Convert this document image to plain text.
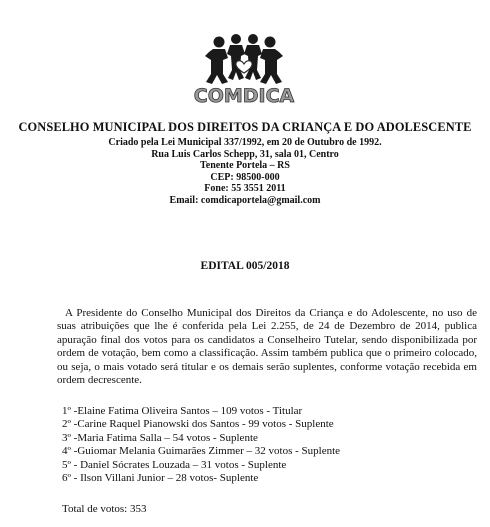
COMDICA
CONSELHO MUNICIPAL DOS DIREITOS DA CRIANÇA E DO ADOLESCENTE
Criado pela Lei Municipal 337/1992, em 20 de Outubro de 1992.
Rua Luis Carlos Schepp, 31, sala 01, Centro
Tenente Portela – RS
CEP: 98500-000
Fone: 55 3551 2011
Email: comdicaportela@gmail.com
EDITAL 005/2018
A Presidente do Conselho Municipal dos Direitos da Criança e do Adolescente, no uso de suas atribuições que lhe é conferida pela Lei 2.255, de 24 de Dezembro de 2014, publica apuração final dos votos para os candidatos a Conselheiro Tutelar, sendo disponibilizada por ordem de votação, bem como a classificação. Assim também publica que o primeiro colocado, ou seja, o mais votado será titular e os demais serão suplentes, conforme votação recebida em ordem decrescente.
1º -Elaine Fatima Oliveira Santos – 109 votos - Titular
2º -Carine Raquel Pianowski dos Santos - 99 votos - Suplente
3º -Maria Fatima Salla – 54 votos - Suplente
4º -Guiomar Melania Guimarães Zimmer – 32 votos - Suplente
5º - Daniel Sócrates Louzada – 31 votos - Suplente
6º - Ilson Villani Junior – 28 votos- Suplente
Total de votos: 353
